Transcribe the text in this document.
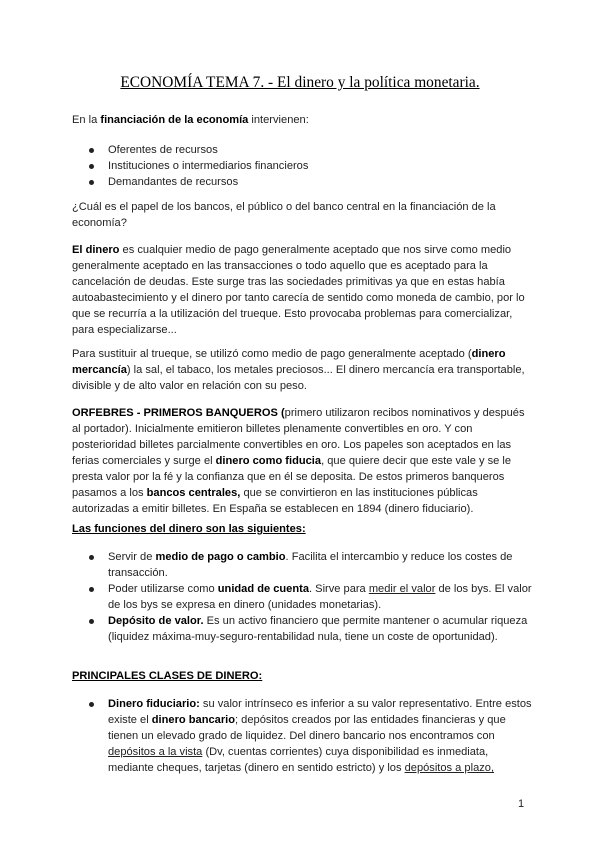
ECONOMÍA TEMA 7. - El dinero y la política monetaria.

En la financiación de la economía intervienen:

Oferentes de recursos
Instituciones o intermediarios financieros
Demandantes de recursos

¿Cuál es el papel de los bancos, el público o del banco central en la financiación de la economía?

El dinero es cualquier medio de pago generalmente aceptado que nos sirve como medio generalmente aceptado en las transacciones o todo aquello que es aceptado para la cancelación de deudas. Este surge tras las sociedades primitivas ya que en estas había autoabastecimiento y el dinero por tanto carecía de sentido como moneda de cambio, por lo que se recurría a la utilización del trueque. Esto provocaba problemas para comercializar, para especializarse...

Para sustituir al trueque, se utilizó como medio de pago generalmente aceptado (dinero mercancía) la sal, el tabaco, los metales preciosos... El dinero mercancía era transportable, divisible y de alto valor en relación con su peso.

ORFEBRES - PRIMEROS BANQUEROS (primero utilizaron recibos nominativos y después al portador). Inicialmente emitieron billetes plenamente convertibles en oro. Y con posterioridad billetes parcialmente convertibles en oro. Los papeles son aceptados en las ferias comerciales y surge el dinero como fiducia, que quiere decir que este vale y se le presta valor por la fé y la confianza que en él se deposita. De estos primeros banqueros pasamos a los bancos centrales, que se convirtieron en las instituciones públicas autorizadas a emitir billetes. En España se establecen en 1894 (dinero fiduciario).

Las funciones del dinero son las siguientes:

Servir de medio de pago o cambio. Facilita el intercambio y reduce los costes de transacción.
Poder utilizarse como unidad de cuenta. Sirve para medir el valor de los bys. El valor de los bys se expresa en dinero (unidades monetarias).
Depósito de valor. Es un activo financiero que permite mantener o acumular riqueza (liquidez máxima-muy-seguro-rentabilidad nula, tiene un coste de oportunidad).

PRINCIPALES CLASES DE DINERO:

Dinero fiduciario: su valor intrínseco es inferior a su valor representativo. Entre estos existe el dinero bancario; depósitos creados por las entidades financieras y que tienen un elevado grado de liquidez. Del dinero bancario nos encontramos con depósitos a la vista (Dv, cuentas corrientes) cuya disponibilidad es inmediata, mediante cheques, tarjetas (dinero en sentido estricto) y los depósitos a plazo,
1
